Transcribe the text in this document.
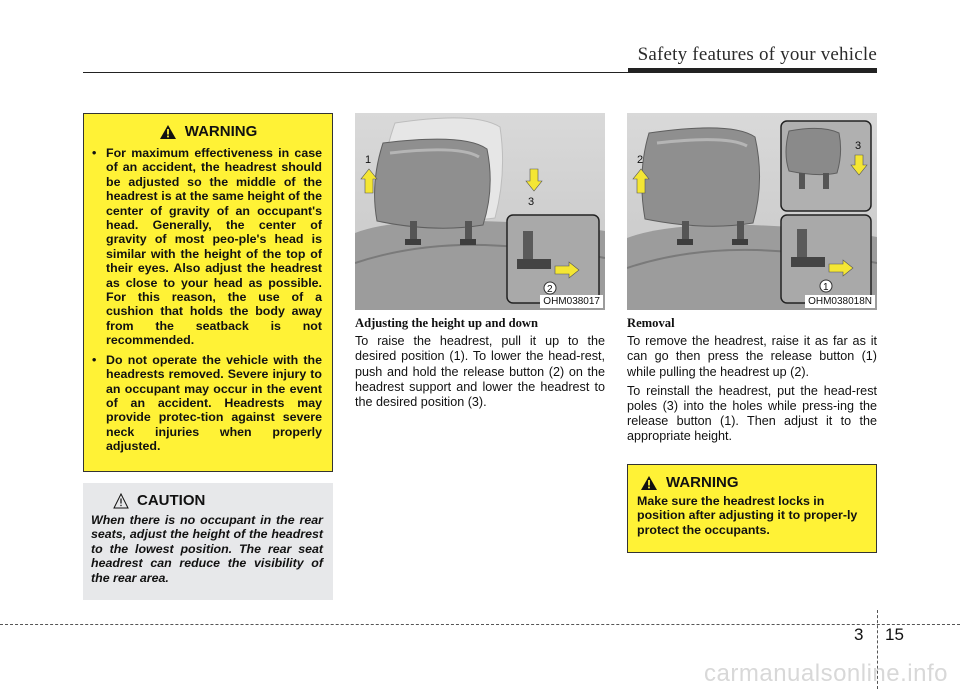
Safety features of your vehicle
WARNING
• For maximum effectiveness in case of an accident, the headrest should be adjusted so the middle of the headrest is at the same height of the center of gravity of an occupant's head. Generally, the center of gravity of most peo-ple's head is similar with the height of the top of their eyes. Also adjust the headrest as close to your head as possible. For this reason, the use of a cushion that holds the body away from the seatback is not recommended.
• Do not operate the vehicle with the headrests removed. Severe injury to an occupant may occur in the event of an accident. Headrests may provide protec-tion against severe neck injuries when properly adjusted.
CAUTION
When there is no occupant in the rear seats, adjust the height of the headrest to the lowest position. The rear seat headrest can reduce the visibility of the rear area.
1
3
2
OHM038017
2
3
1
OHM038018N
Adjusting the height up and down

To raise the headrest, pull it up to the desired position (1). To lower the head-rest, push and hold the release button (2) on the headrest support and lower the headrest to the desired position (3).

Removal

To remove the headrest, raise it as far as it can go then press the release button (1) while pulling the headrest up (2).

To reinstall the headrest, put the head-rest poles (3) into the holes while press-ing the release button (1). Then adjust it to the appropriate height.

WARNING
Make sure the headrest locks in position after adjusting it to proper-ly protect the occupants.
3 15
carmanualsonline.info
